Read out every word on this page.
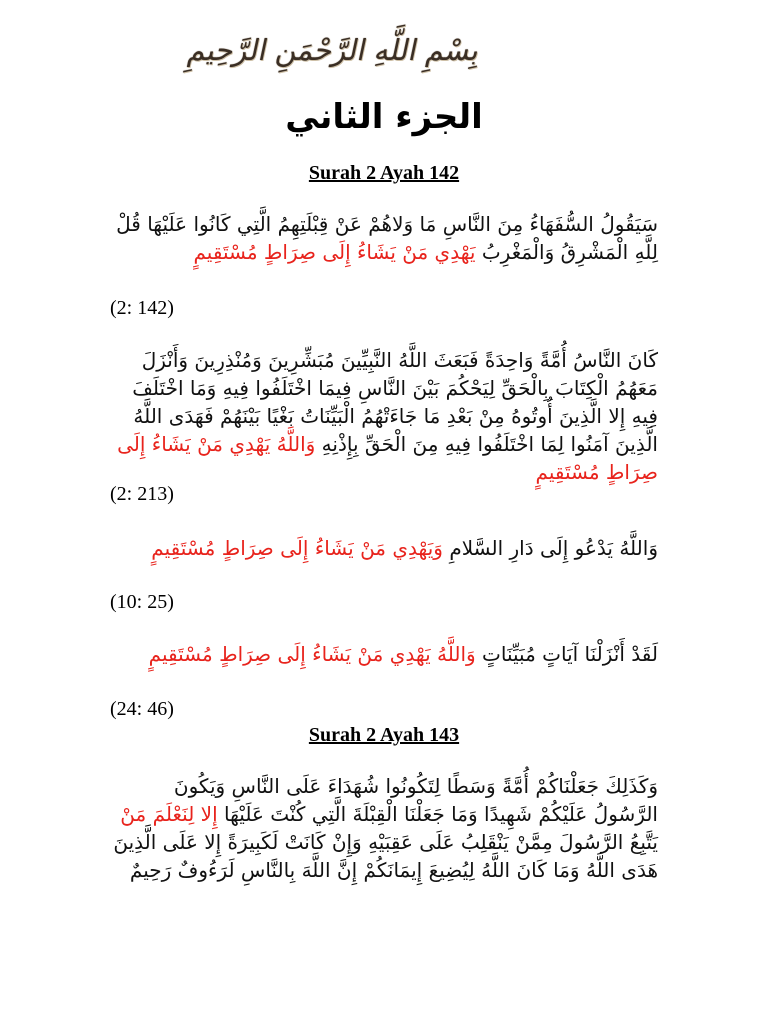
بِسْمِ اللَّهِ الرَّحْمَنِ الرَّحِيمِ
الجزء الثاني
Surah 2 Ayah 142
سَيَقُولُ السُّفَهَاءُ مِنَ النَّاسِ مَا وَلاهُمْ عَنْ قِبْلَتِهِمُ الَّتِي كَانُوا عَلَيْهَا قُلْ لِلَّهِ الْمَشْرِقُ وَالْمَغْرِبُ يَهْدِي مَنْ يَشَاءُ إِلَى صِرَاطٍ مُسْتَقِيمٍ
(2: 142)
كَانَ النَّاسُ أُمَّةً وَاحِدَةً فَبَعَثَ اللَّهُ النَّبِيِّينَ مُبَشِّرِينَ وَمُنْذِرِينَ وَأَنْزَلَ مَعَهُمُ الْكِتَابَ بِالْحَقِّ لِيَحْكُمَ بَيْنَ النَّاسِ فِيمَا اخْتَلَفُوا فِيهِ وَمَا اخْتَلَفَ فِيهِ إِلا الَّذِينَ أُوتُوهُ مِنْ بَعْدِ مَا جَاءَتْهُمُ الْبَيِّنَاتُ بَغْيًا بَيْنَهُمْ فَهَدَى اللَّهُ الَّذِينَ آمَنُوا لِمَا اخْتَلَفُوا فِيهِ مِنَ الْحَقِّ بِإِذْنِهِ وَاللَّهُ يَهْدِي مَنْ يَشَاءُ إِلَى صِرَاطٍ مُسْتَقِيمٍ
(2: 213)
وَاللَّهُ يَدْعُو إِلَى دَارِ السَّلامِ وَيَهْدِي مَنْ يَشَاءُ إِلَى صِرَاطٍ مُسْتَقِيمٍ
(10: 25)
لَقَدْ أَنْزَلْنَا آيَاتٍ مُبَيِّنَاتٍ وَاللَّهُ يَهْدِي مَنْ يَشَاءُ إِلَى صِرَاطٍ مُسْتَقِيمٍ
(24: 46)
Surah 2 Ayah 143
وَكَذَلِكَ جَعَلْنَاكُمْ أُمَّةً وَسَطًا لِتَكُونُوا شُهَدَاءَ عَلَى النَّاسِ وَيَكُونَ الرَّسُولُ عَلَيْكُمْ شَهِيدًا وَمَا جَعَلْنَا الْقِبْلَةَ الَّتِي كُنْتَ عَلَيْهَا إِلا لِنَعْلَمَ مَنْ يَتَّبِعُ الرَّسُولَ مِمَّنْ يَنْقَلِبُ عَلَى عَقِبَيْهِ وَإِنْ كَانَتْ لَكَبِيرَةً إِلا عَلَى الَّذِينَ هَدَى اللَّهُ وَمَا كَانَ اللَّهُ لِيُضِيعَ إِيمَانَكُمْ إِنَّ اللَّهَ بِالنَّاسِ لَرَءُوفٌ رَحِيمٌ
